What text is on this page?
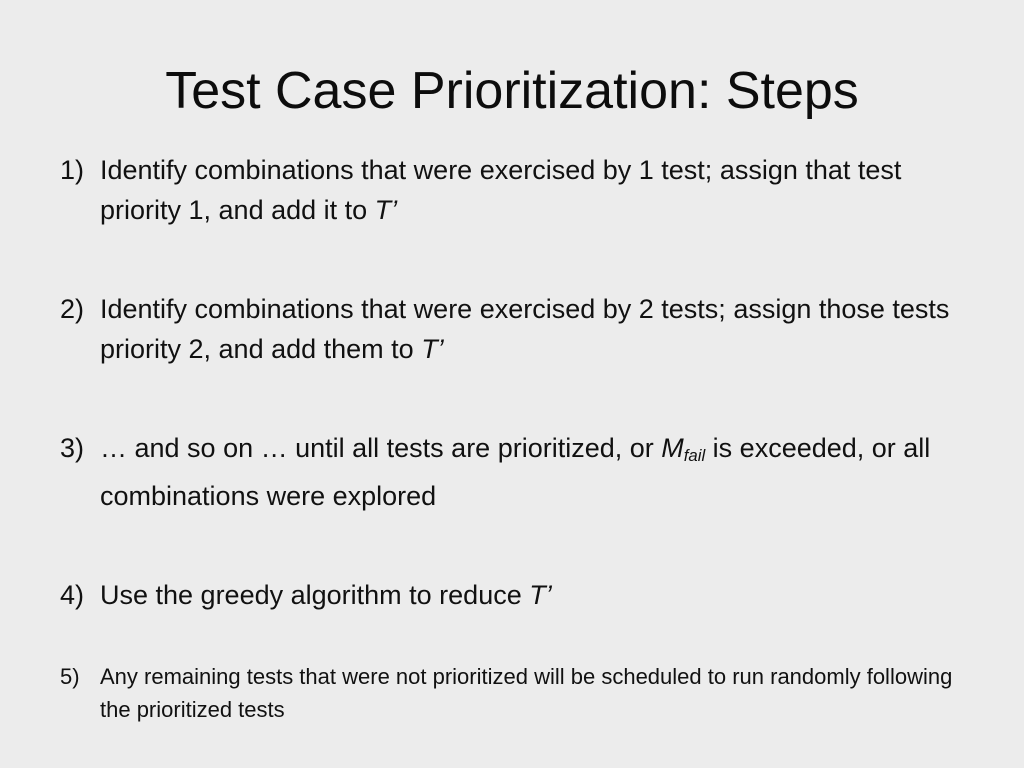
Test Case Prioritization: Steps
1) Identify combinations that were exercised by 1 test; assign that test priority 1, and add it to T’
2) Identify combinations that were exercised by 2 tests; assign those tests priority 2, and add them to T’
3) … and so on … until all tests are prioritized, or $M_{fail}$ is exceeded, or all combinations were explored
4) Use the greedy algorithm to reduce T’
5) Any remaining tests that were not prioritized will be scheduled to run randomly following the prioritized tests
